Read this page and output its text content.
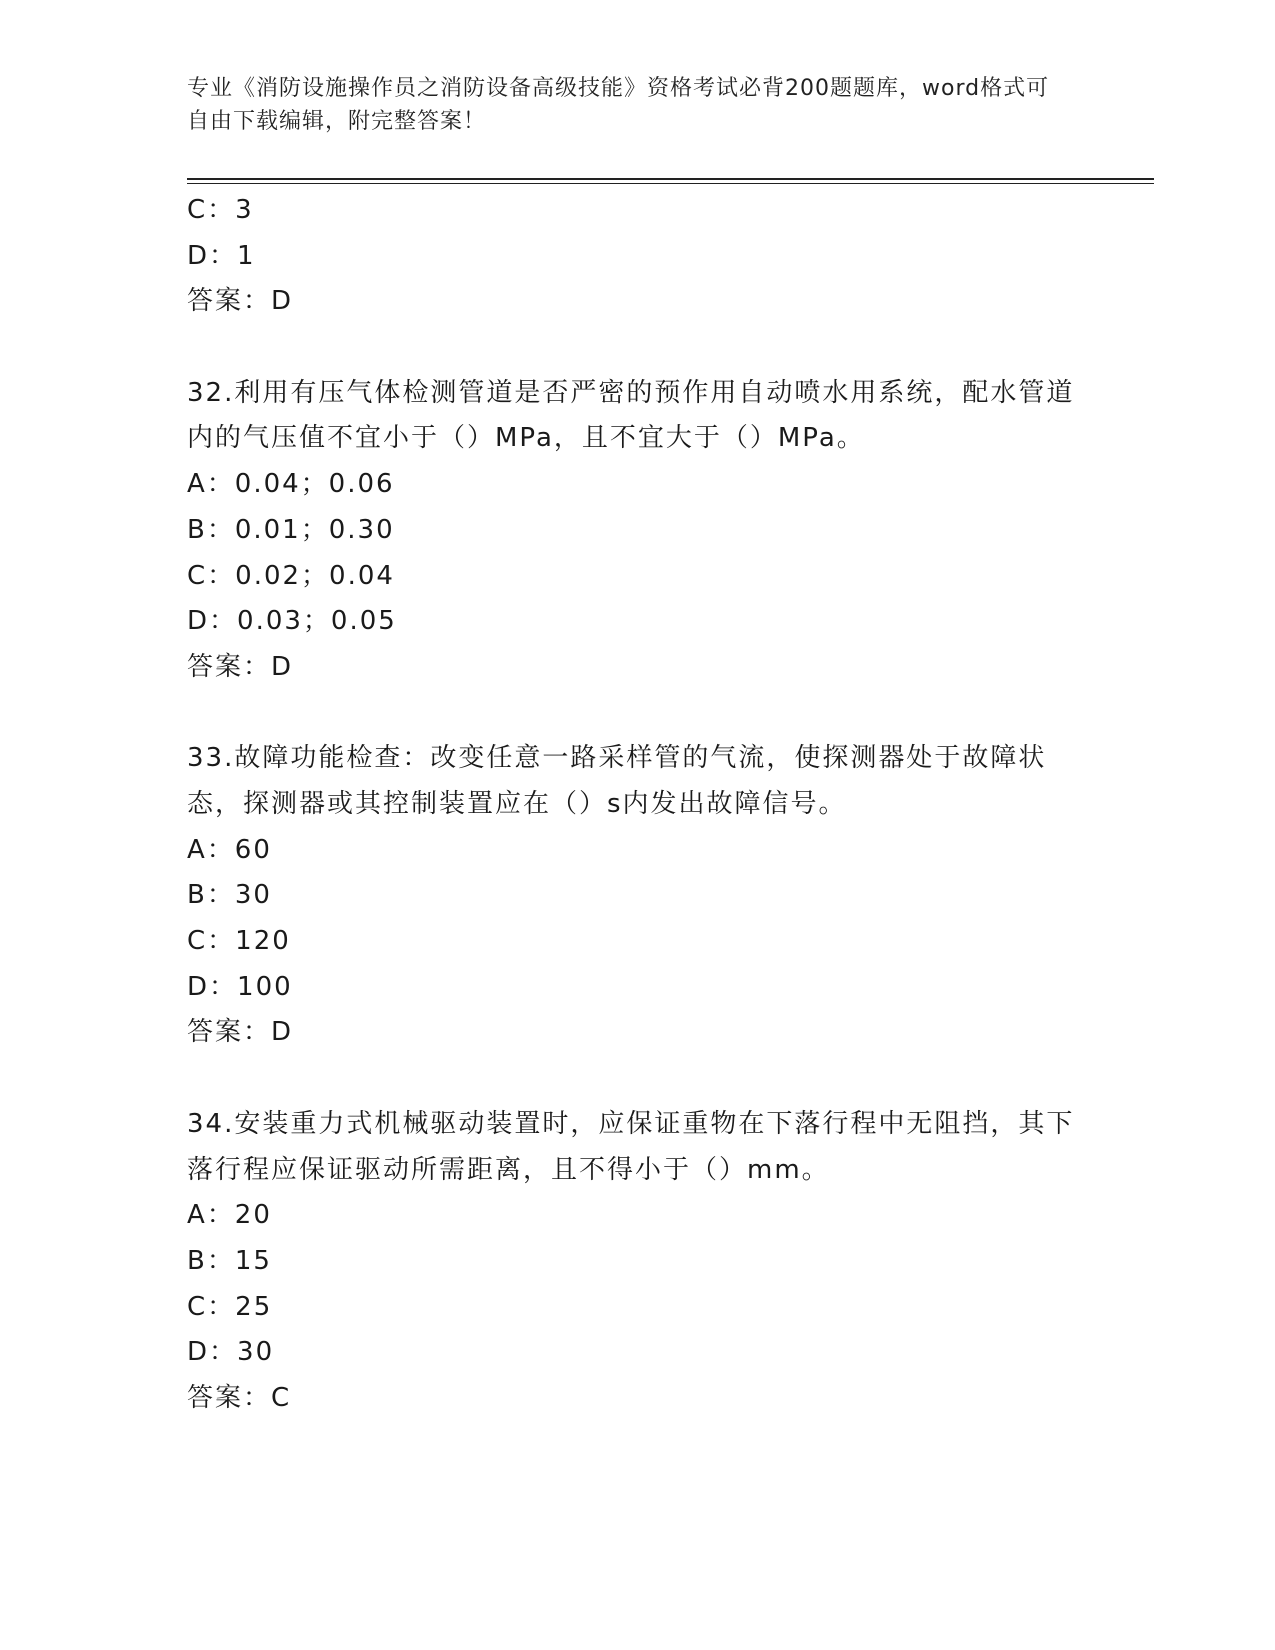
专业《消防设施操作员之消防设备高级技能》资格考试必背200题题库，word格式可自由下载编辑，附完整答案！
C：3
D：1
答案：D
32.利用有压气体检测管道是否严密的预作用自动喷水用系统，配水管道内的气压值不宜小于（）MPa，且不宜大于（）MPa。
A：0.04；0.06
B：0.01；0.30
C：0.02；0.04
D：0.03；0.05
答案：D
33.故障功能检查：改变任意一路采样管的气流，使探测器处于故障状态，探测器或其控制装置应在（）s内发出故障信号。
A：60
B：30
C：120
D：100
答案：D
34.安装重力式机械驱动装置时，应保证重物在下落行程中无阻挡，其下落行程应保证驱动所需距离，且不得小于（）mm。
A：20
B：15
C：25
D：30
答案：C
